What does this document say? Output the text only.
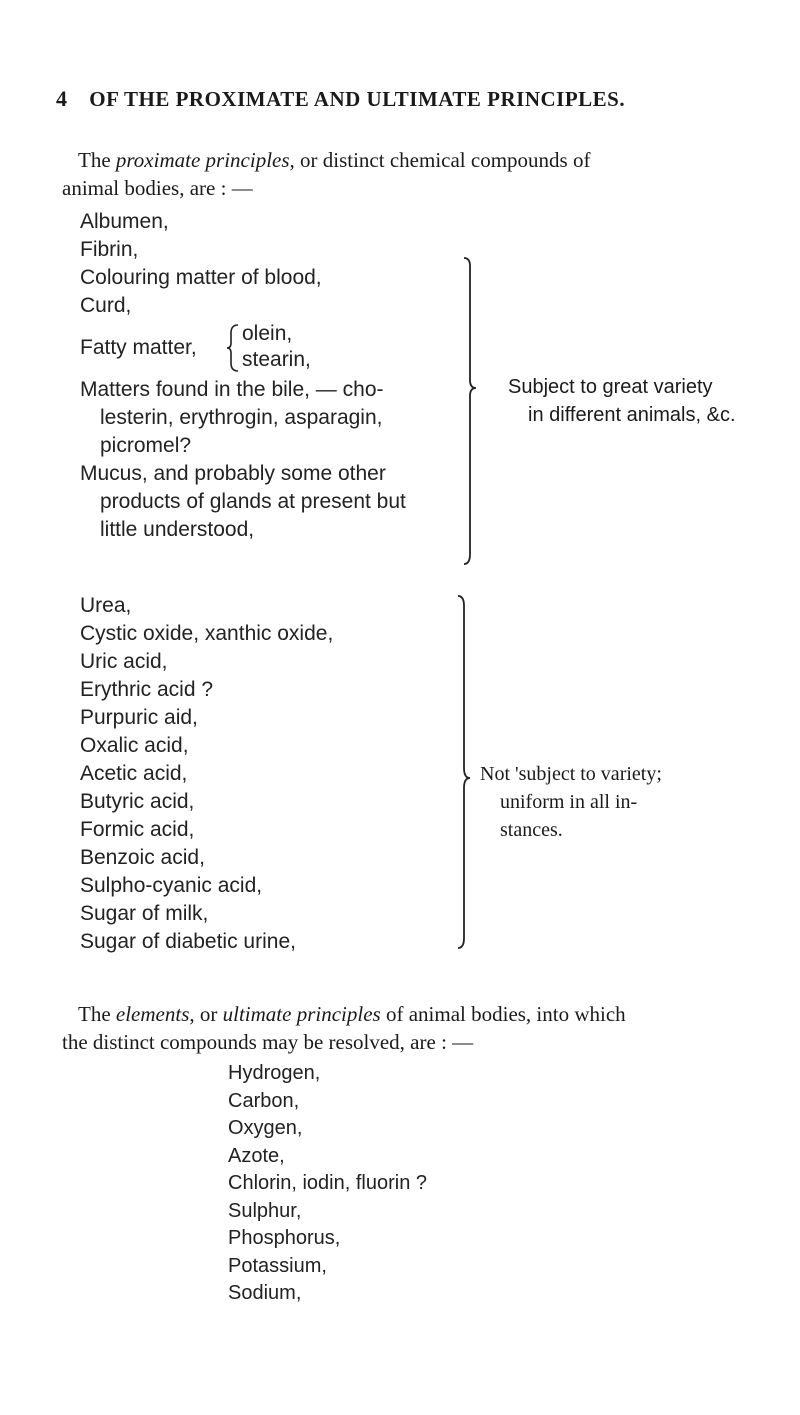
4 OF THE PROXIMATE AND ULTIMATE PRINCIPLES.
The proximate principles, or distinct chemical compounds of
animal bodies, are : —
Albumen,
Fibrin,
Colouring matter of blood,
Curd,
Fatty matter,
olein,
stearin,
Matters found in the bile, — cho-
lesterin, erythrogin, asparagin,
picromel?
Mucus, and probably some other
products of glands at present but
little understood,
Subject to great variety
in different animals, &c.
Urea,
Cystic oxide, xanthic oxide,
Uric acid,
Erythric acid ?
Purpuric aid,
Oxalic acid,
Acetic acid,
Butyric acid,
Formic acid,
Benzoic acid,
Sulpho-cyanic acid,
Sugar of milk,
Sugar of diabetic urine,
Not 'subject to variety;
uniform in all in-
stances.
The elements, or ultimate principles of animal bodies, into which
the distinct compounds may be resolved, are : —
Hydrogen,
Carbon,
Oxygen,
Azote,
Chlorin, iodin, fluorin ?
Sulphur,
Phosphorus,
Potassium,
Sodium,
